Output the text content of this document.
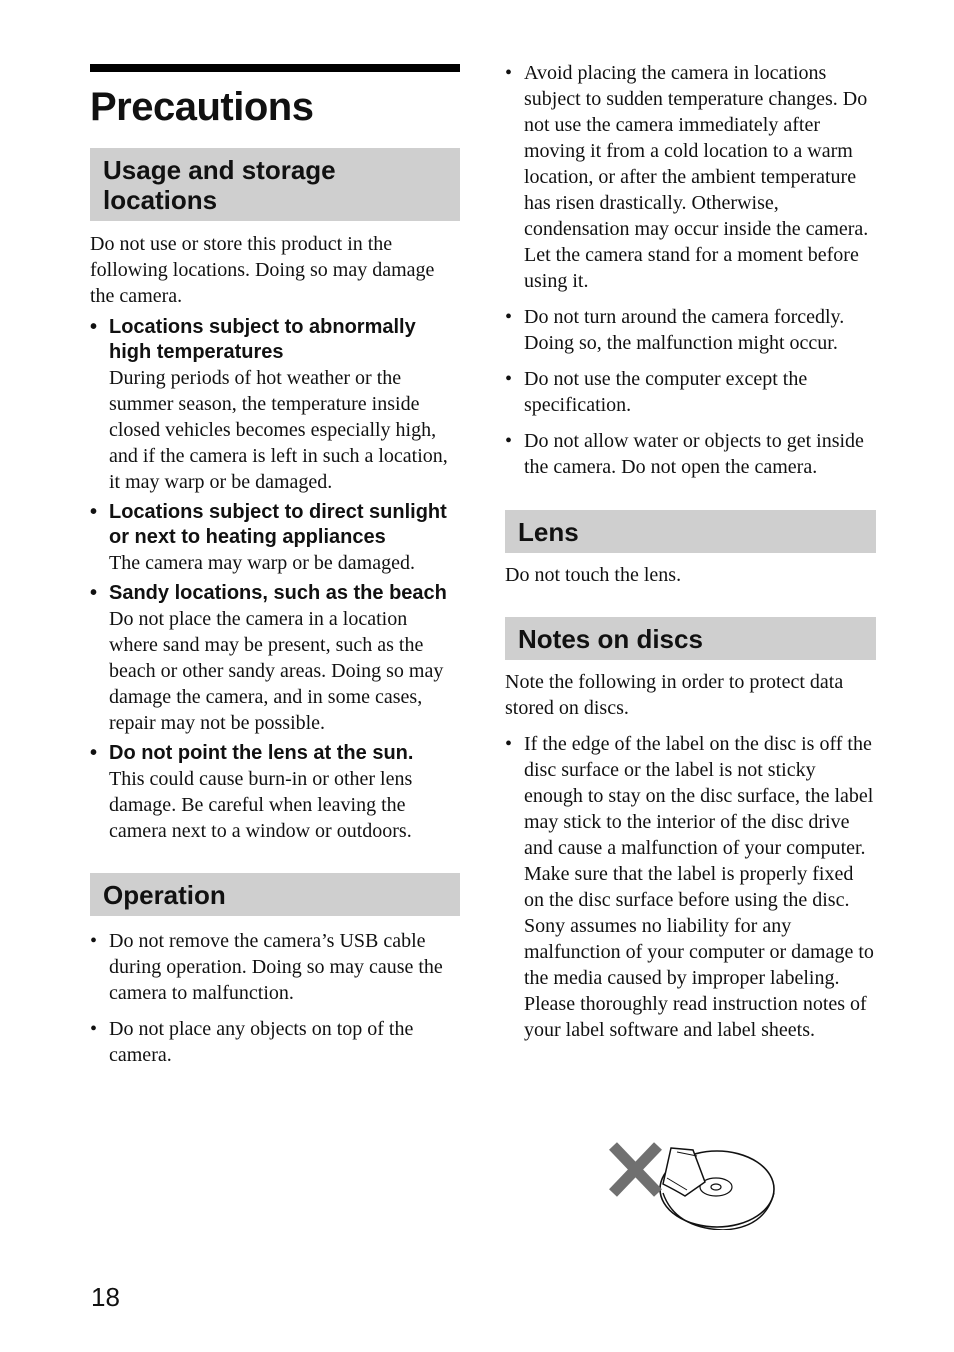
Precautions
Usage and storage locations

Do not use or store this product in the following locations. Doing so may damage the camera.

• Locations subject to abnormally high temperatures

During periods of hot weather or the summer season, the temperature inside closed vehicles becomes especially high, and if the camera is left in such a location, it may warp or be damaged.

• Locations subject to direct sunlight or next to heating appliances

The camera may warp or be damaged.

• Sandy locations, such as the beach

Do not place the camera in a location where sand may be present, such as the beach or other sandy areas. Doing so may damage the camera, and in some cases, repair may not be possible.

• Do not point the lens at the sun.

This could cause burn-in or other lens damage. Be careful when leaving the camera next to a window or outdoors.

Operation
• Do not remove the camera’s USB cable during operation. Doing so may cause the camera to malfunction.

• Do not place any objects on top of the camera.

• Avoid placing the camera in locations subject to sudden temperature changes. Do not use the camera immediately after moving it from a cold location to a warm location, or after the ambient temperature has risen drastically. Otherwise, condensation may occur inside the camera. Let the camera stand for a moment before using it.

• Do not turn around the camera forcedly. Doing so, the malfunction might occur.

• Do not use the computer except the specification.

• Do not allow water or objects to get inside the camera. Do not open the camera.

Lens

Do not touch the lens.

Notes on discs

Note the following in order to protect data stored on discs.

• If the edge of the label on the disc is off the disc surface or the label is not sticky enough to stay on the disc surface, the label may stick to the interior of the disc drive and cause a malfunction of your computer. Make sure that the label is properly fixed on the disc surface before using the disc.

Sony assumes no liability for any malfunction of your computer or damage to the media caused by improper labeling. Please thoroughly read instruction notes of your label software and label sheets.

18
